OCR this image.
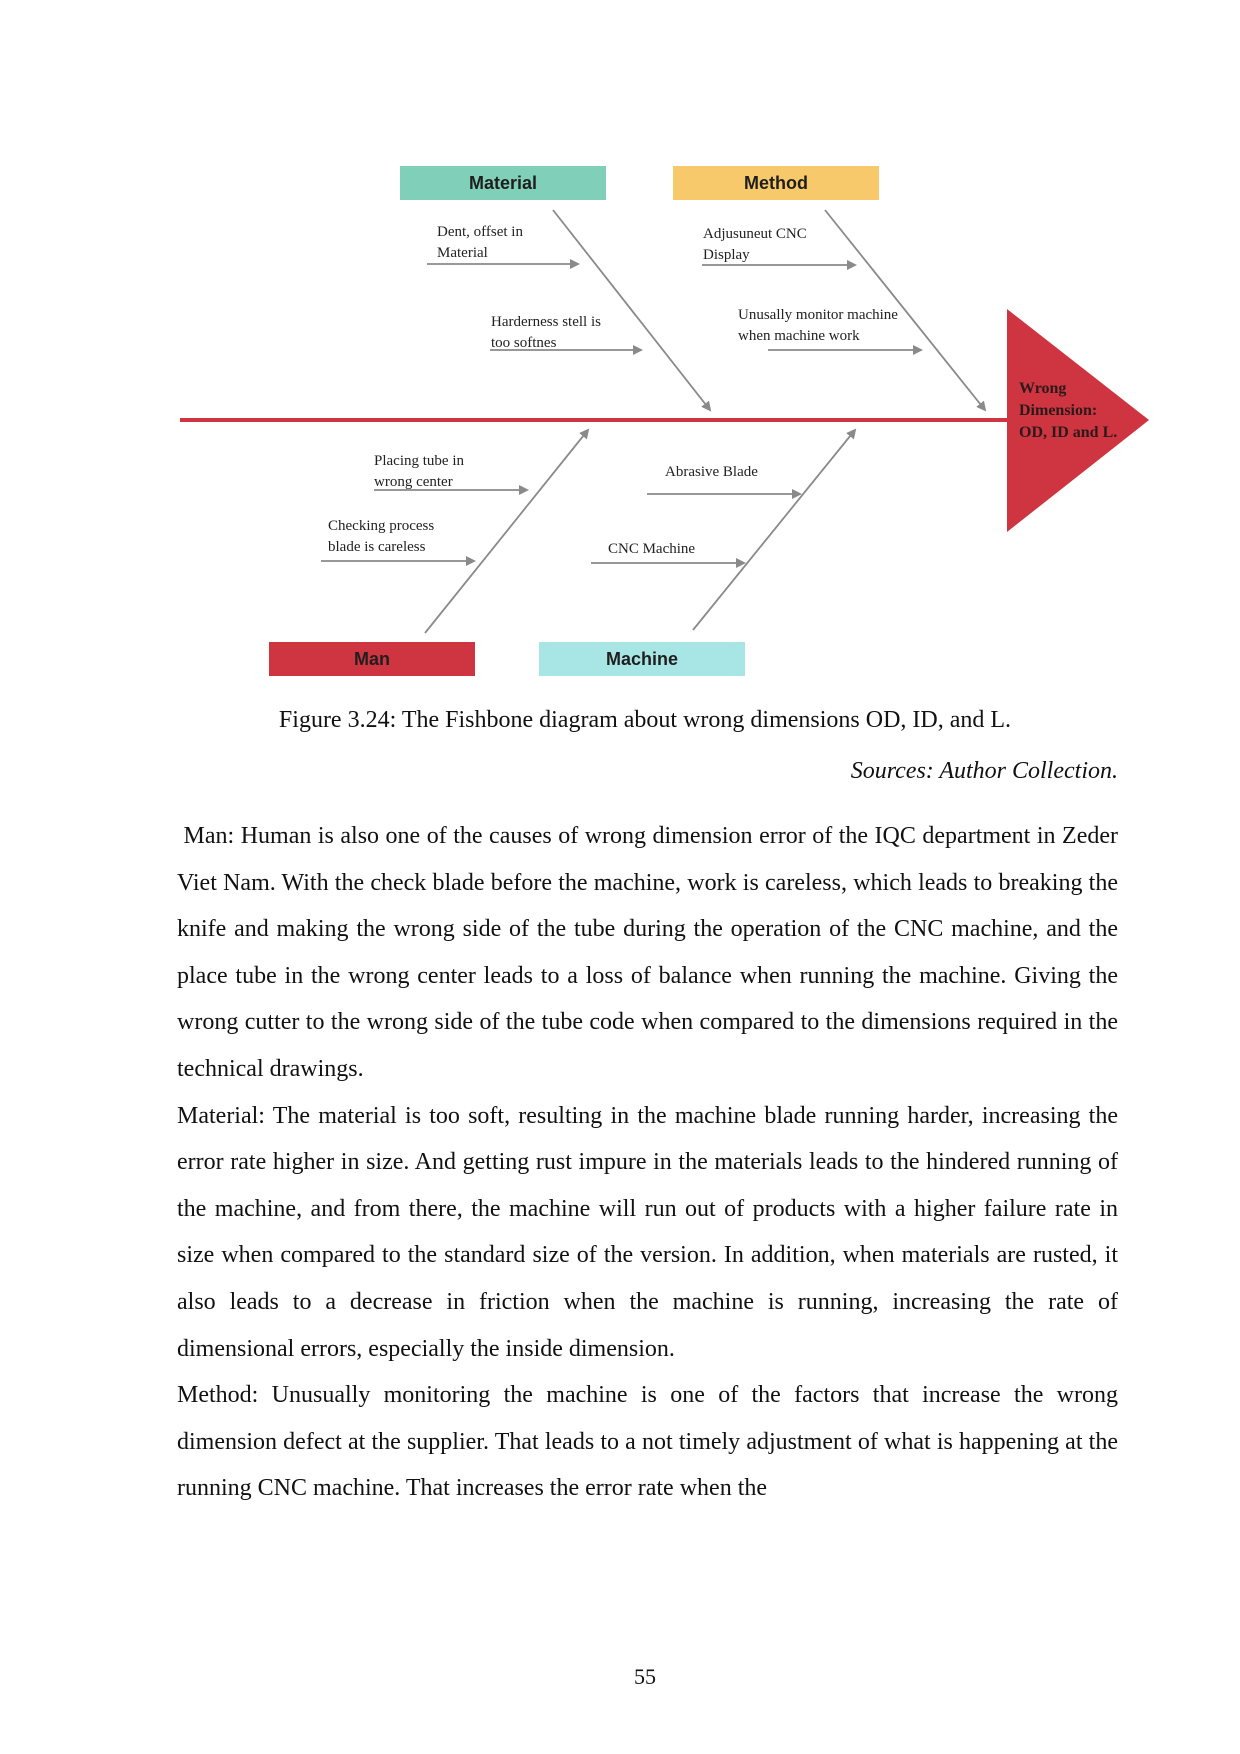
Material	Method
Man	Machine
Dent, offset in
Material
Harderness stell is
too softnes
Adjusuneut CNC
Display
Unusally monitor machine
when machine work
Placing tube in
wrong center
Checking process
blade is careless
Abrasive Blade
CNC Machine
Wrong
Dimension:
OD, ID and L.
Figure 3.24: The Fishbone diagram about wrong dimensions OD, ID, and L.
Sources: Author Collection.

Man: Human is also one of the causes of wrong dimension error of the IQC department in Zeder Viet Nam. With the check blade before the machine, work is careless, which leads to breaking the knife and making the wrong side of the tube during the operation of the CNC machine, and the place tube in the wrong center leads to a loss of balance when running the machine. Giving the wrong cutter to the wrong side of the tube code when compared to the dimensions required in the technical drawings.

Material: The material is too soft, resulting in the machine blade running harder, increasing the error rate higher in size. And getting rust impure in the materials leads to the hindered running of the machine, and from there, the machine will run out of products with a higher failure rate in size when compared to the standard size of the version. In addition, when materials are rusted, it also leads to a decrease in friction when the machine is running, increasing the rate of dimensional errors, especially the inside dimension.

Method: Unusually monitoring the machine is one of the factors that increase the wrong dimension defect at the supplier. That leads to a not timely adjustment of what is happening at the running CNC machine. That increases the error rate when the

55
